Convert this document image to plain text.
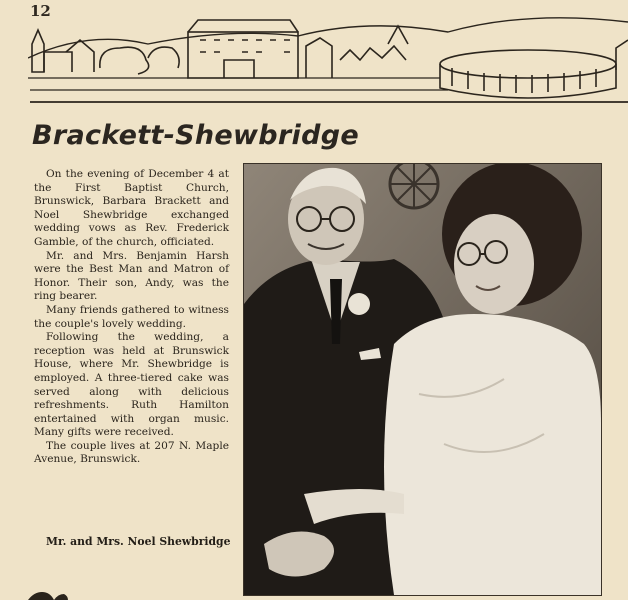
12
Brackett-Shewbridge

On the evening of December 4 at the First Baptist Church, Brunswick, Barbara Brackett and Noel Shewbridge exchanged wedding vows as Rev. Frederick Gamble, of the church, officiated.

Mr. and Mrs. Benjamin Harsh were the Best Man and Matron of Honor. Their son, Andy, was the ring bearer.

Many friends gathered to witness the couple's lovely wedding.

Following the wedding, a reception was held at Brunswick House, where Mr. Shewbridge is employed. A three-tiered cake was served along with delicious refreshments. Ruth Hamilton entertained with organ music. Many gifts were received.

The couple lives at 207 N. Maple Avenue, Brunswick.

Mr. and Mrs. Noel Shewbridge
